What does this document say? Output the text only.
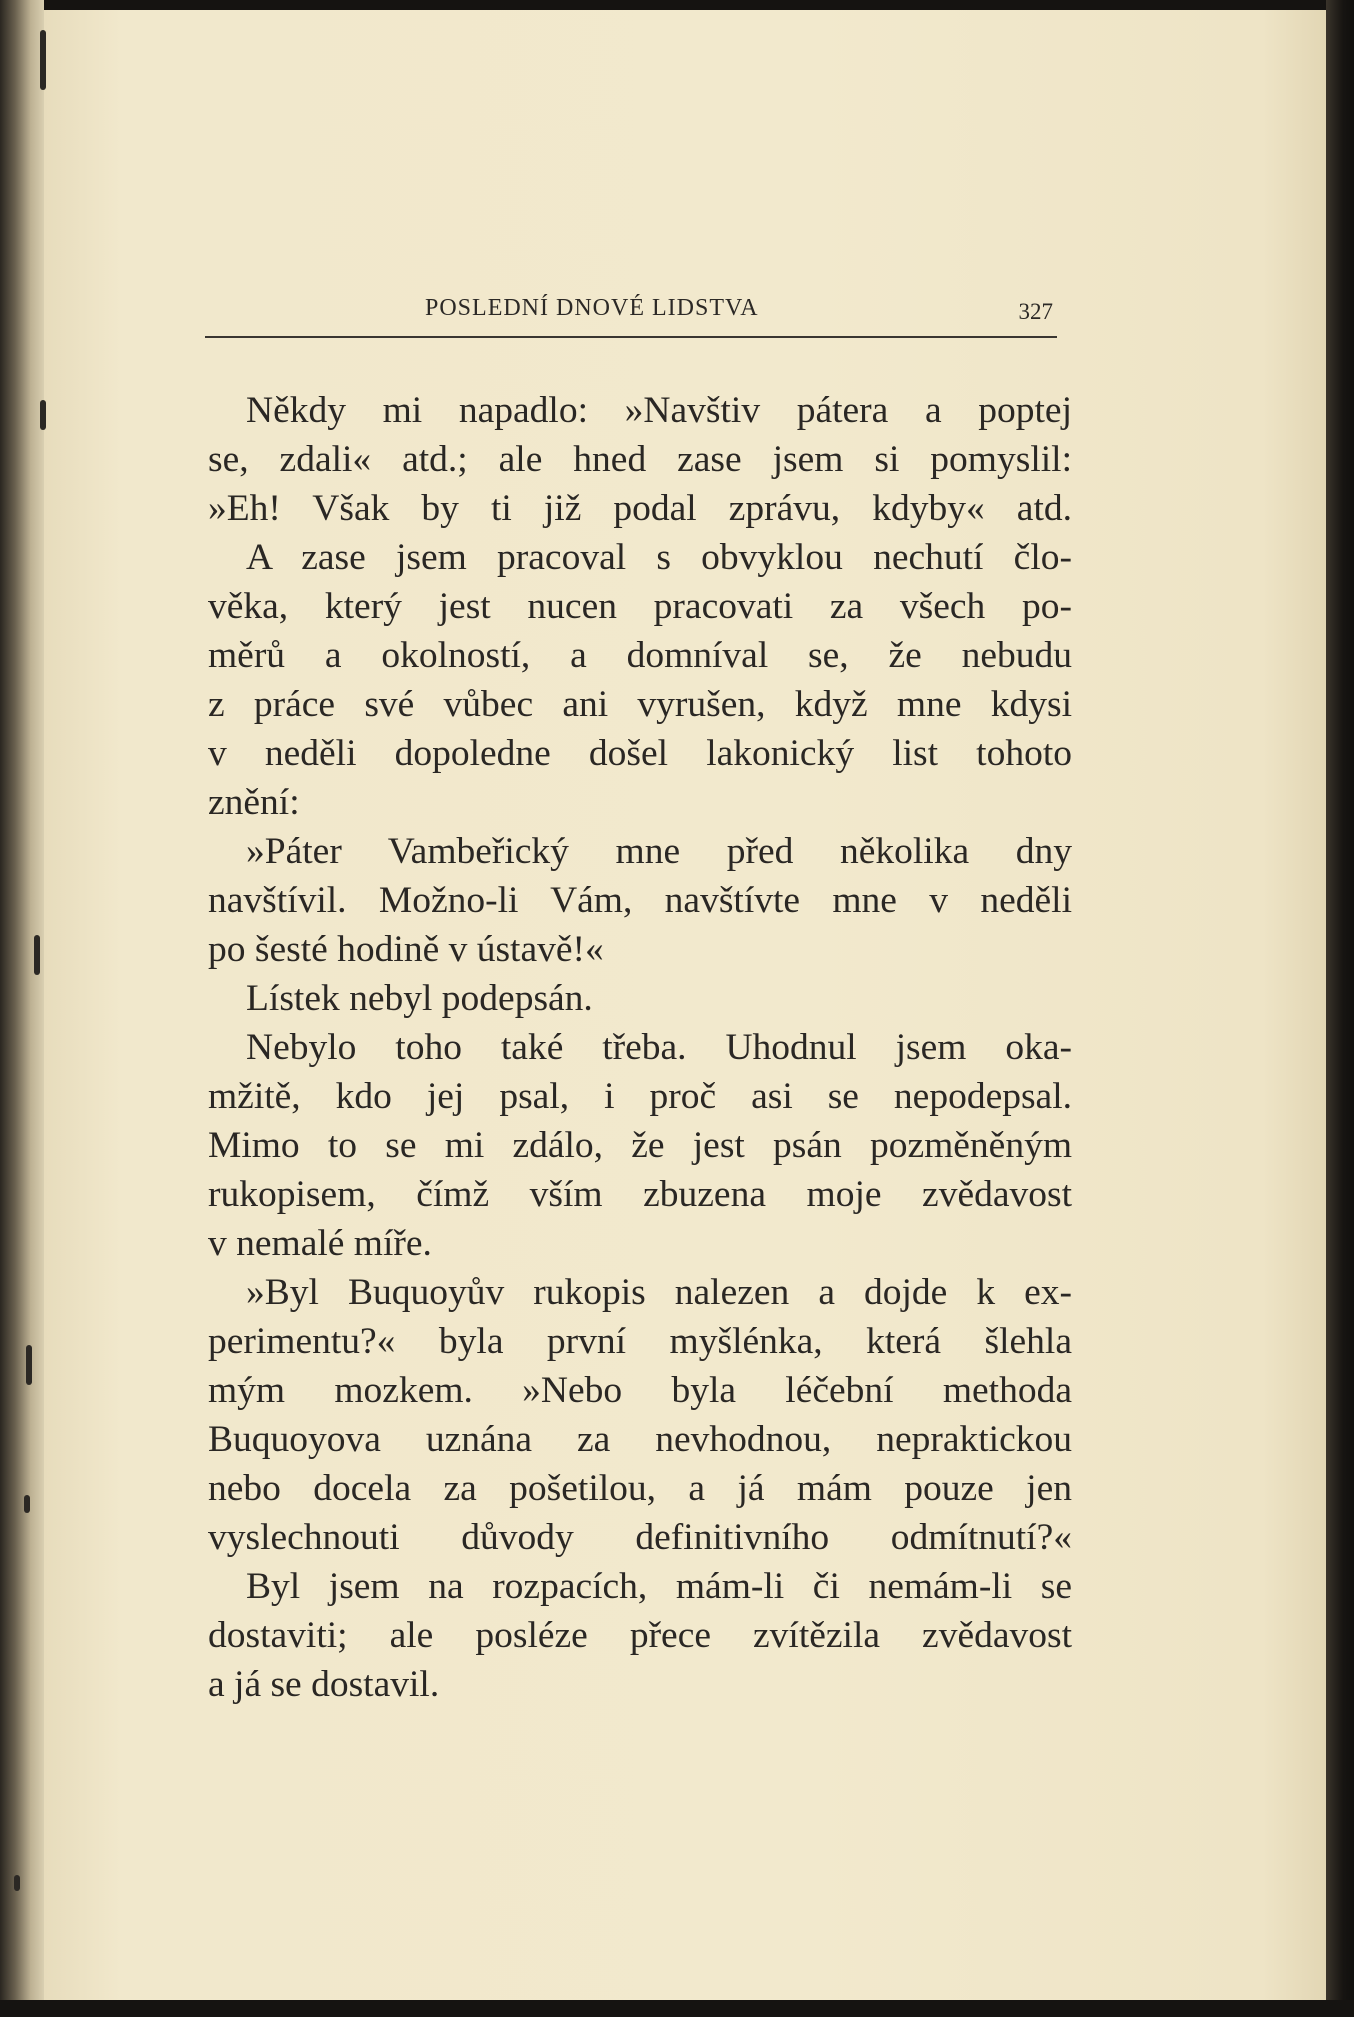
POSLEDNÍ DNOVÉ LIDSTVA	327
Někdy mi napadlo: »Navštiv pátera a poptej
se, zdali« atd.; ale hned zase jsem si pomyslil:
»Eh! Však by ti již podal zprávu, kdyby« atd.
A zase jsem pracoval s obvyklou nechutí člo-
věka, který jest nucen pracovati za všech po-
měrů a okolností, a domníval se, že nebudu
z práce své vůbec ani vyrušen, když mne kdysi
v neděli dopoledne došel lakonický list tohoto
znění:
»Páter Vambeřický mne před několika dny
navštívil. Možno-li Vám, navštívte mne v neděli
po šesté hodině v ústavě!«
Lístek nebyl podepsán.
Nebylo toho také třeba. Uhodnul jsem oka-
mžitě, kdo jej psal, i proč asi se nepodepsal.
Mimo to se mi zdálo, že jest psán pozměněným
rukopisem, čímž vším zbuzena moje zvědavost
v nemalé míře.
»Byl Buquoyův rukopis nalezen a dojde k ex-
perimentu?« byla první myšlénka, která šlehla
mým mozkem. »Nebo byla léčební methoda
Buquoyova uznána za nevhodnou, nepraktickou
nebo docela za pošetilou, a já mám pouze jen
vyslechnouti důvody definitivního odmítnutí?«
Byl jsem na rozpacích, mám-li či nemám-li se
dostaviti; ale posléze přece zvítězila zvědavost
a já se dostavil.
